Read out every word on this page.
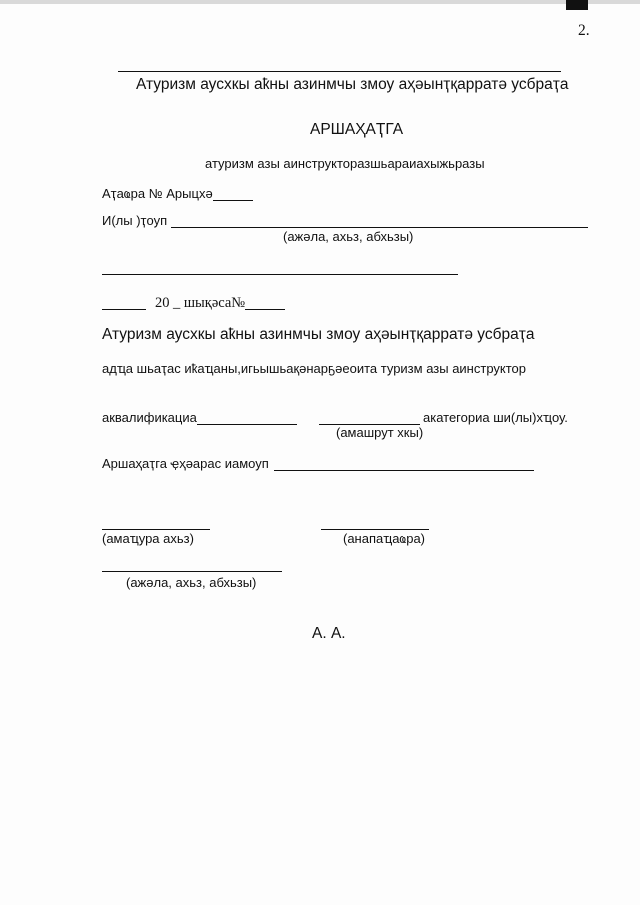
2.
Атуризм аусхкы аҟны азинмчы змоу аҳәынҭқарратә усбраҭа
АРШАҲАҬГА
атуризм азы аинструкторазшьараиахыжьразы
Аҭаҩра № Арыцхә
И(лы )ҭоуп
(ажәла, ахьз, абхьзы)
20 _ шықәса№
Атуризм аусхкы аҟны азинмчы змоу аҳәынҭқарратә усбраҭа
адҵа шьаҭас иҟаҵаны,игьышьақәнарҕәеоита туризм азы аинструктор
аквалификациа	акатегориа ши(лы)хҵоу.
(амашрут хкы)
Аршаҳаҭга ҿҳәарас иамоуп
(амаҵура ахьз)	(анапаҵаҩра)
(ажәла, ахьз, абхьзы)
А. А.
